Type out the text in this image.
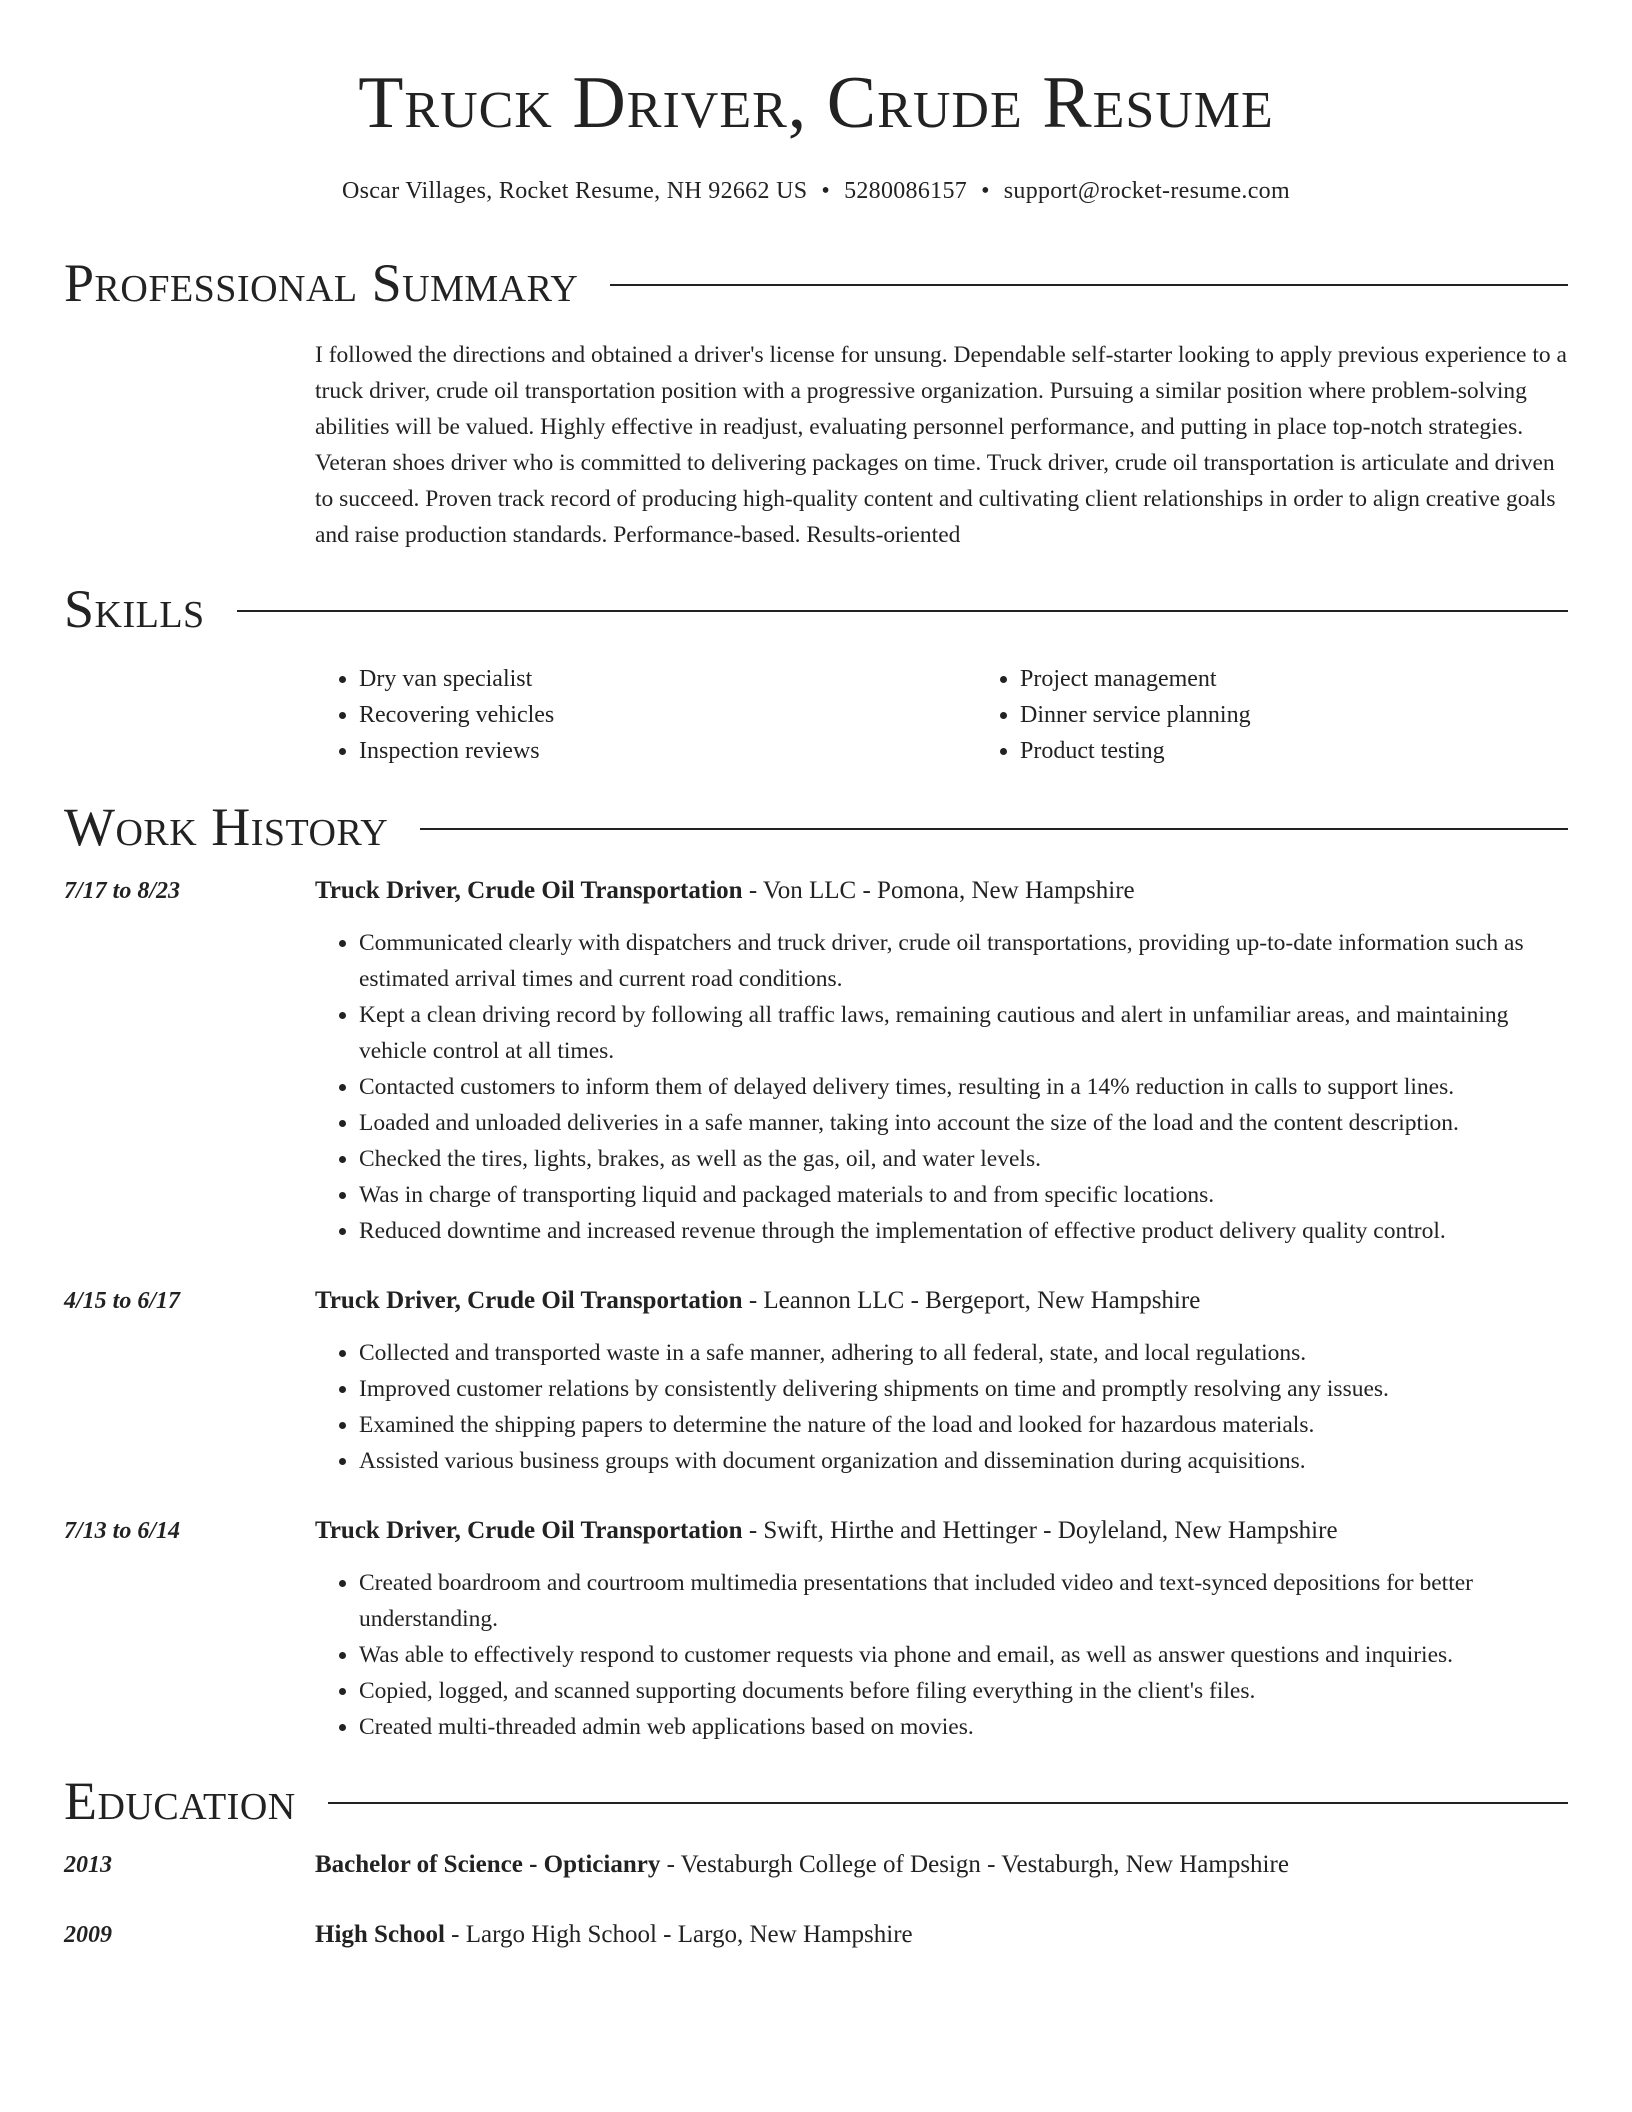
Truck Driver, Crude Resume
Oscar Villages, Rocket Resume, NH 92662 US • 5280086157 • support@rocket-resume.com
Professional Summary
I followed the directions and obtained a driver's license for unsung. Dependable self-starter looking to apply previous experience to a truck driver, crude oil transportation position with a progressive organization. Pursuing a similar position where problem-solving abilities will be valued. Highly effective in readjust, evaluating personnel performance, and putting in place top-notch strategies. Veteran shoes driver who is committed to delivering packages on time. Truck driver, crude oil transportation is articulate and driven to succeed. Proven track record of producing high-quality content and cultivating client relationships in order to align creative goals and raise production standards. Performance-based. Results-oriented
Skills
• Dry van specialist
• Recovering vehicles
• Inspection reviews
• Project management
• Dinner service planning
• Product testing
Work History
7/17 to 8/23	Truck Driver, Crude Oil Transportation - Von LLC - Pomona, New Hampshire
• Communicated clearly with dispatchers and truck driver, crude oil transportations, providing up-to-date information such as estimated arrival times and current road conditions.
• Kept a clean driving record by following all traffic laws, remaining cautious and alert in unfamiliar areas, and maintaining vehicle control at all times.
• Contacted customers to inform them of delayed delivery times, resulting in a 14% reduction in calls to support lines.
• Loaded and unloaded deliveries in a safe manner, taking into account the size of the load and the content description.
• Checked the tires, lights, brakes, as well as the gas, oil, and water levels.
• Was in charge of transporting liquid and packaged materials to and from specific locations.
• Reduced downtime and increased revenue through the implementation of effective product delivery quality control.
4/15 to 6/17	Truck Driver, Crude Oil Transportation - Leannon LLC - Bergeport, New Hampshire
• Collected and transported waste in a safe manner, adhering to all federal, state, and local regulations.
• Improved customer relations by consistently delivering shipments on time and promptly resolving any issues.
• Examined the shipping papers to determine the nature of the load and looked for hazardous materials.
• Assisted various business groups with document organization and dissemination during acquisitions.
7/13 to 6/14	Truck Driver, Crude Oil Transportation - Swift, Hirthe and Hettinger - Doyleland, New Hampshire
• Created boardroom and courtroom multimedia presentations that included video and text-synced depositions for better understanding.
• Was able to effectively respond to customer requests via phone and email, as well as answer questions and inquiries.
• Copied, logged, and scanned supporting documents before filing everything in the client's files.
• Created multi-threaded admin web applications based on movies.
Education
2013	Bachelor of Science - Opticianry - Vestaburgh College of Design - Vestaburgh, New Hampshire
2009	High School - Largo High School - Largo, New Hampshire
